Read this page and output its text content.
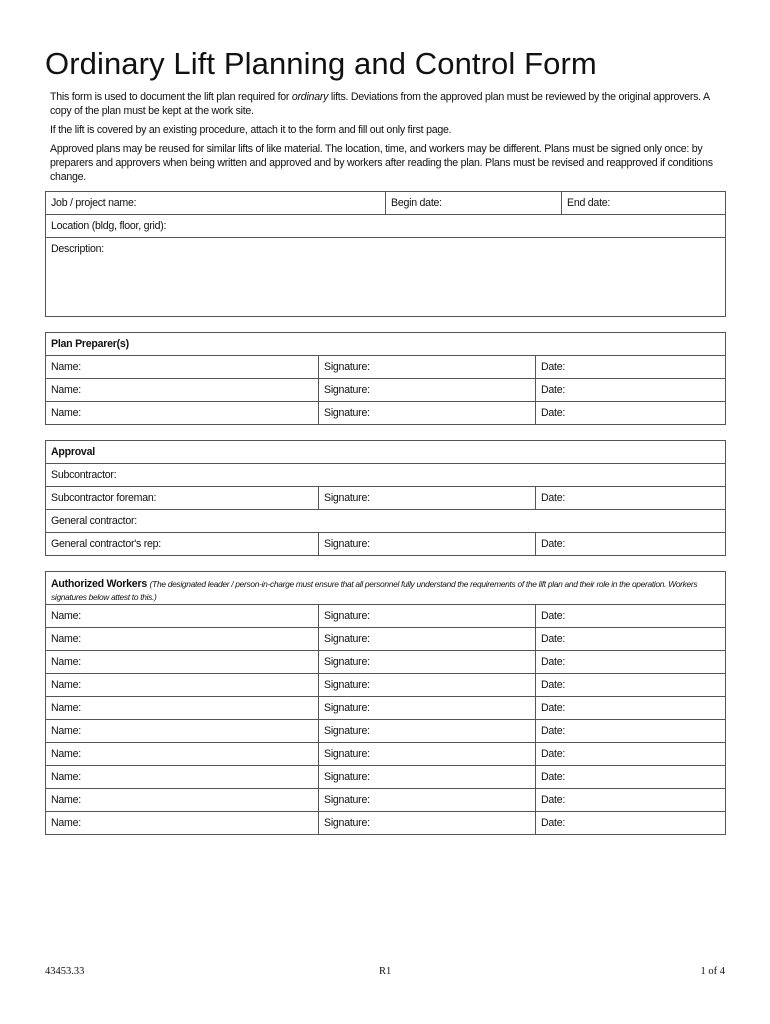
Ordinary Lift Planning and Control Form

This form is used to document the lift plan required for ordinary lifts. Deviations from the approved plan must be reviewed by the original approvers. A copy of the plan must be kept at the work site.

If the lift is covered by an existing procedure, attach it to the form and fill out only first page.

Approved plans may be reused for similar lifts of like material. The location, time, and workers may be different. Plans must be signed only once: by preparers and approvers when being written and approved and by workers after reading the plan. Plans must be revised and reapproved if conditions change.

Job / project name:	Begin date:	End date:
Location (bldg, floor, grid):
Description:
Plan Preparer(s)		
Name:	Signature:	Date:
Name:	Signature:	Date:
Name:	Signature:	Date:
Approval		
Subcontractor:		
Subcontractor foreman:	Signature:	Date:
General contractor:		
General contractor's rep:	Signature:	Date:
Authorized Workers (The designated leader / person-in-charge must ensure that all personnel fully understand the requirements of the lift plan and their role in the operation. Workers signatures below attest to this.)		
Name:	Signature:	Date:
Name:	Signature:	Date:
Name:	Signature:	Date:
Name:	Signature:	Date:
Name:	Signature:	Date:
Name:	Signature:	Date:
Name:	Signature:	Date:
Name:	Signature:	Date:
Name:	Signature:	Date:
Name:	Signature:	Date:
43453.33	R1	1 of 4
